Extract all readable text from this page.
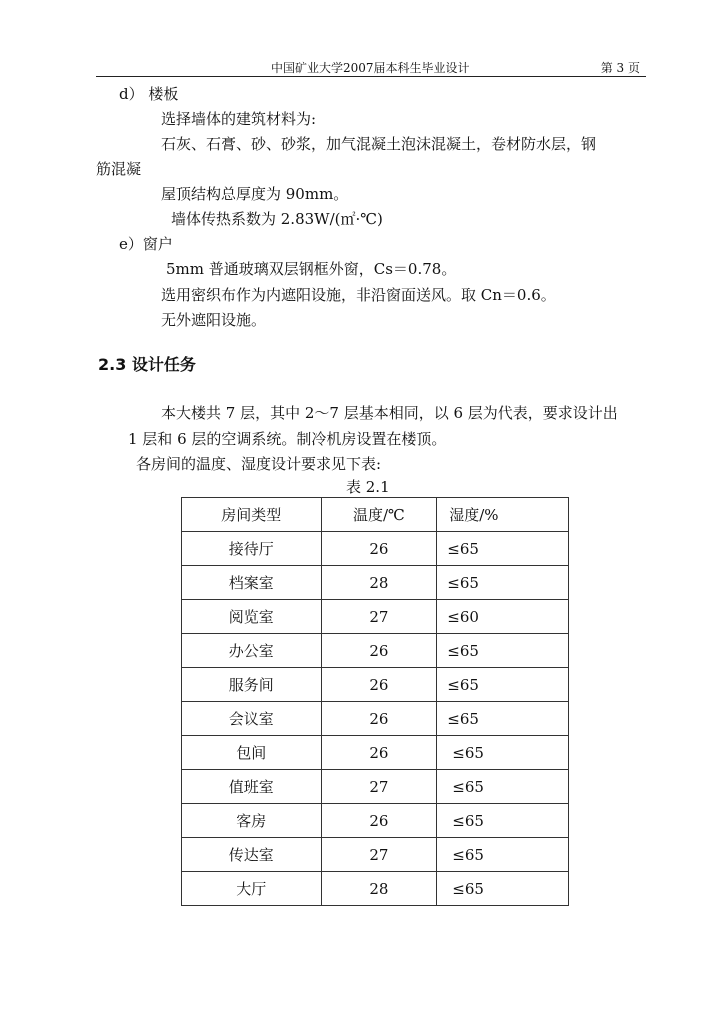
中国矿业大学2007届本科生毕业设计	第 3 页
d） 楼板
选择墙体的建筑材料为:
石灰、石膏、砂、砂浆，加气混凝土泡沫混凝土，卷材防水层，钢
筋混凝
屋顶结构总厚度为 90mm。
墙体传热系数为 2.83W/(㎡·℃)
e）窗户
5mm 普通玻璃双层钢框外窗，Cs＝0.78。
选用密织布作为内遮阳设施，非沿窗面送风。取 Cn＝0.6。
无外遮阳设施。
2.3 设计任务
本大楼共 7 层，其中 2～7 层基本相同，以 6 层为代表，要求设计出
1 层和 6 层的空调系统。制冷机房设置在楼顶。
各房间的温度、湿度设计要求见下表:
表 2.1
房间类型	温度/℃	湿度/%
接待厅	26	≤65
档案室	28	≤65
阅览室	27	≤60
办公室	26	≤65
服务间	26	≤65
会议室	26	≤65
包间	26	≤65
值班室	27	≤65
客房	26	≤65
传达室	27	≤65
大厅	28	≤65
